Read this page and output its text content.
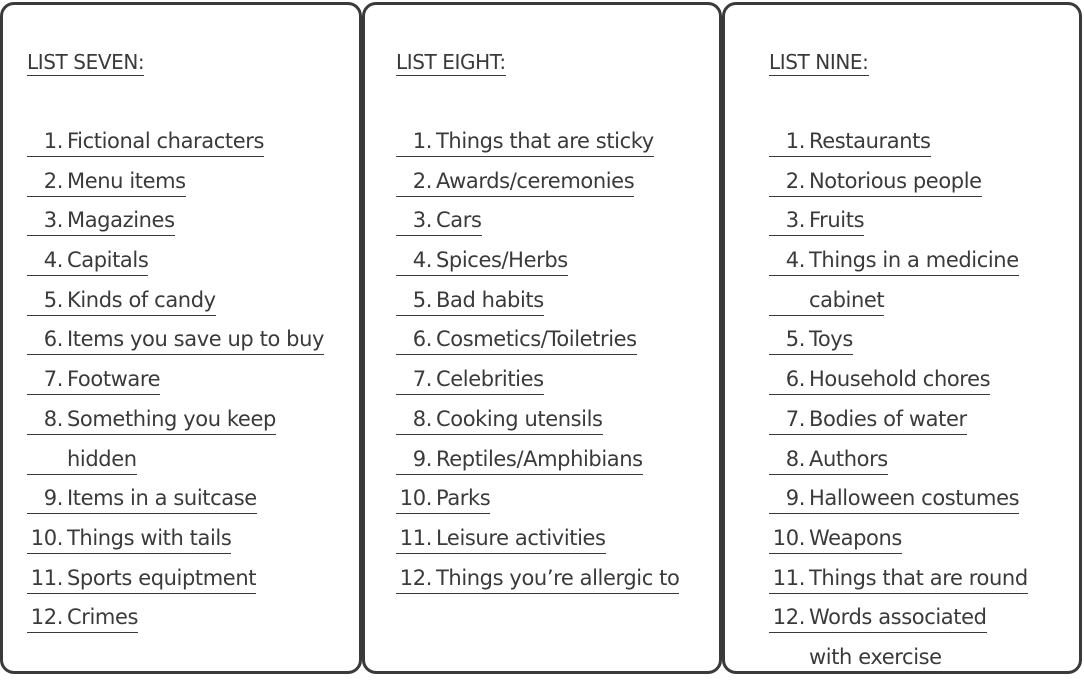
LIST SEVEN:
1. Fictional characters
2. Menu items
3. Magazines
4. Capitals
5. Kinds of candy
6. Items you save up to buy
7. Footware
8. Something you keep
hidden
9. Items in a suitcase
10. Things with tails
11. Sports equiptment
12. Crimes
LIST EIGHT:
1. Things that are sticky
2. Awards/ceremonies
3. Cars
4. Spices/Herbs
5. Bad habits
6. Cosmetics/Toiletries
7. Celebrities
8. Cooking utensils
9. Reptiles/Amphibians
10. Parks
11. Leisure activities
12. Things you’re allergic to
LIST NINE:
1. Restaurants
2. Notorious people
3. Fruits
4. Things in a medicine
cabinet
5. Toys
6. Household chores
7. Bodies of water
8. Authors
9. Halloween costumes
10. Weapons
11. Things that are round
12. Words associated
with exercise
